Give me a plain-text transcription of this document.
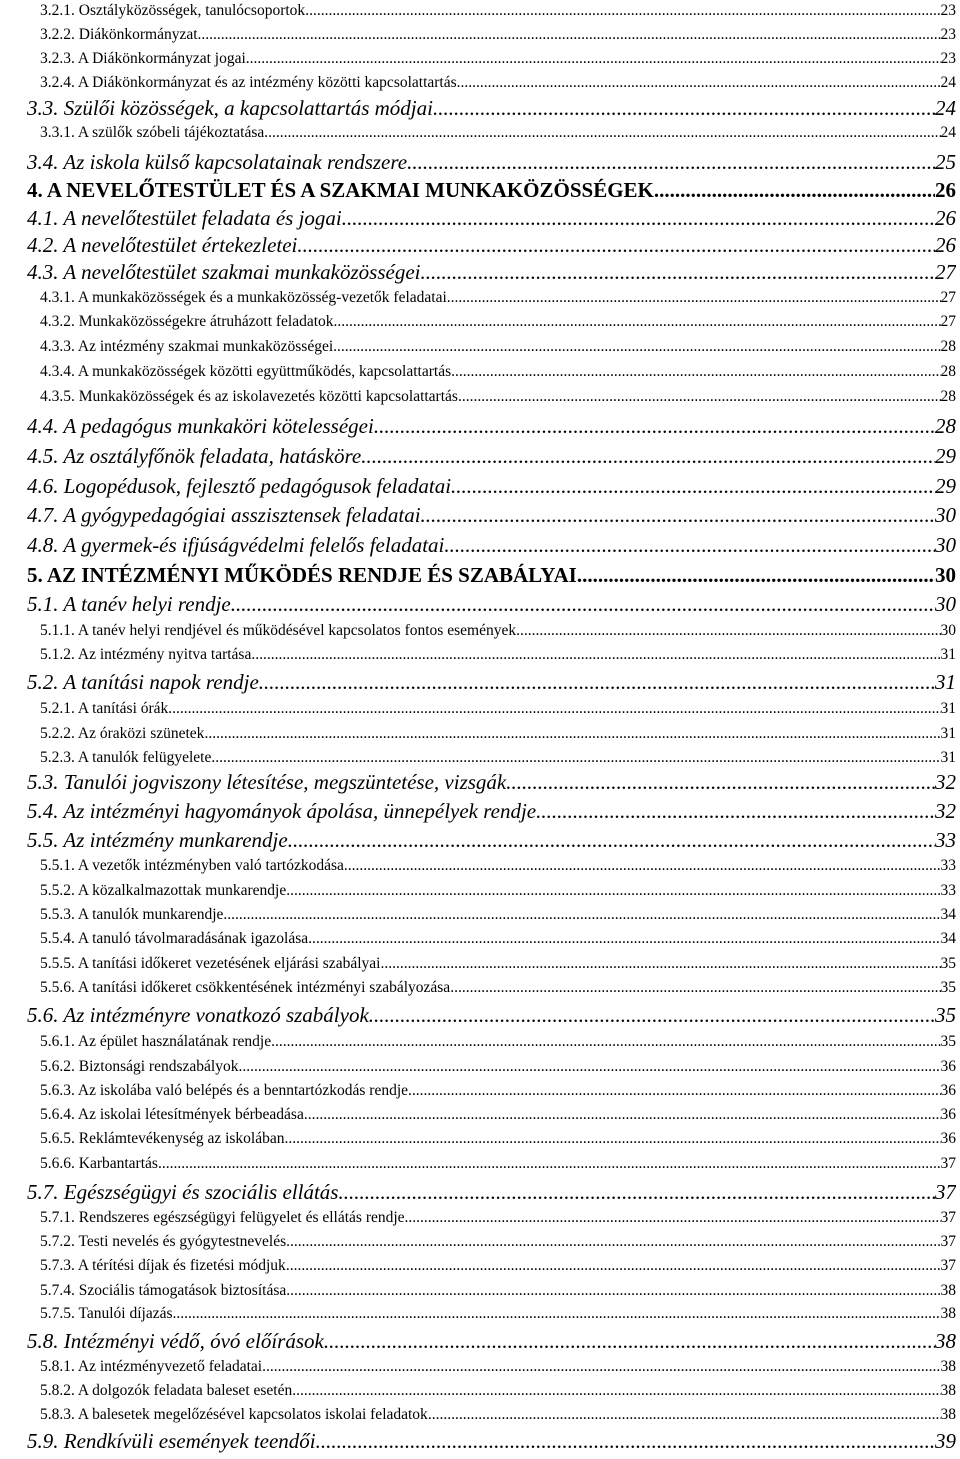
3.2.1. Osztályközösségek, tanulócsoportok .....	23
3.2.2. Diákönkormányzat .....	23
3.2.3. A Diákönkormányzat jogai .....	23
3.2.4. A Diákönkormányzat és az intézmény közötti kapcsolattartás .....	24
3.3. Szülői közösségek, a kapcsolattartás módjai .....	24
3.3.1. A szülők szóbeli tájékoztatása .....	24
3.4. Az iskola külső kapcsolatainak rendszere .....	25
4. A NEVELŐTESTÜLET ÉS A SZAKMAI MUNKAKÖZÖSSÉGEK .....	26
4.1. A nevelőtestület feladata és jogai .....	26
4.2. A nevelőtestület értekezletei .....	26
4.3. A nevelőtestület szakmai munkaközösségei .....	27
4.3.1. A munkaközösségek és a munkaközösség-vezetők feladatai .....	27
4.3.2. Munkaközösségekre átruházott feladatok .....	27
4.3.3. Az intézmény szakmai munkaközösségei .....	28
4.3.4. A munkaközösségek közötti együttműködés, kapcsolattartás .....	28
4.3.5. Munkaközösségek és az iskolavezetés közötti kapcsolattartás .....	28
4.4. A pedagógus munkaköri kötelességei .....	28
4.5. Az osztályfőnök feladata, hatásköre .....	29
4.6. Logopédusok, fejlesztő pedagógusok feladatai .....	29
4.7. A gyógypedagógiai asszisztensek feladatai .....	30
4.8. A gyermek-és ifjúságvédelmi felelős feladatai .....	30
5. AZ INTÉZMÉNYI MŰKÖDÉS RENDJE ÉS SZABÁLYAI .....	30
5.1. A tanév helyi rendje .....	30
5.1.1. A tanév helyi rendjével és működésével kapcsolatos fontos események .....	30
5.1.2. Az intézmény nyitva tartása .....	31
5.2. A tanítási napok rendje .....	31
5.2.1. A tanítási órák .....	31
5.2.2. Az óraközi szünetek .....	31
5.2.3. A tanulók felügyelete .....	31
5.3. Tanulói jogviszony létesítése, megszüntetése, vizsgák .....	32
5.4. Az intézményi hagyományok ápolása, ünnepélyek rendje .....	32
5.5. Az intézmény munkarendje .....	33
5.5.1. A vezetők intézményben való tartózkodása .....	33
5.5.2. A közalkalmazottak munkarendje .....	33
5.5.3. A tanulók munkarendje .....	34
5.5.4. A tanuló távolmaradásának igazolása .....	34
5.5.5. A tanítási időkeret vezetésének eljárási szabályai .....	35
5.5.6. A tanítási időkeret csökkentésének intézményi szabályozása .....	35
5.6. Az intézményre vonatkozó szabályok .....	35
5.6.1. Az épület használatának rendje .....	35
5.6.2. Biztonsági rendszabályok .....	36
5.6.3. Az iskolába való belépés és a benntartózkodás rendje .....	36
5.6.4. Az iskolai létesítmények bérbeadása .....	36
5.6.5. Reklámtevékenység az iskolában .....	36
5.6.6. Karbantartás .....	37
5.7. Egészségügyi és szociális ellátás .....	37
5.7.1. Rendszeres egészségügyi felügyelet és ellátás rendje .....	37
5.7.2. Testi nevelés és gyógytestnevelés .....	37
5.7.3. A térítési díjak és fizetési módjuk .....	37
5.7.4. Szociális támogatások biztosítása .....	38
5.7.5. Tanulói díjazás .....	38
5.8. Intézményi védő, óvó előírások .....	38
5.8.1. Az intézményvezető feladatai .....	38
5.8.2. A dolgozók feladata baleset esetén .....	38
5.8.3. A balesetek megelőzésével kapcsolatos iskolai feladatok .....	38
5.9. Rendkívüli események teendői .....	39
